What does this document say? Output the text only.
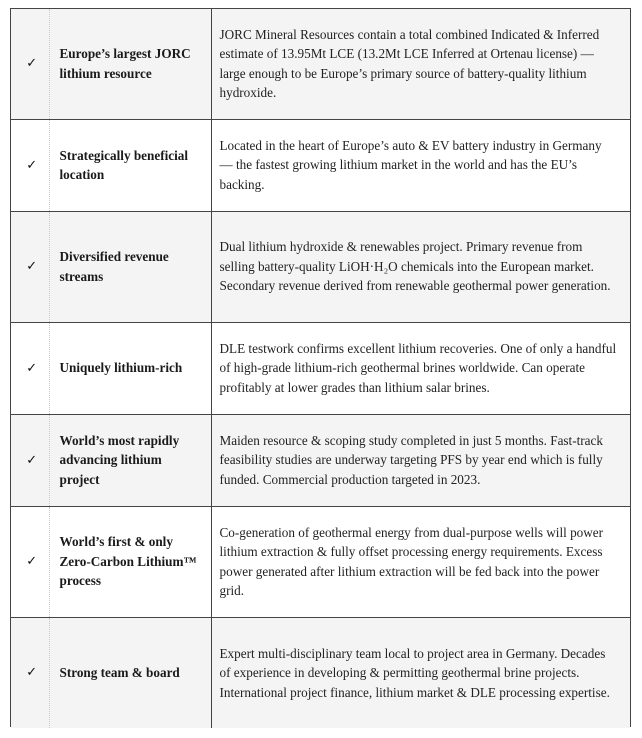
✓	Europe’s largest JORC lithium resource	JORC Mineral Resources contain a total combined Indicated & Inferred estimate of 13.95Mt LCE (13.2Mt LCE Inferred at Ortenau license) — large enough to be Europe’s primary source of battery-quality lithium hydroxide.
✓	Strategically beneficial location	Located in the heart of Europe’s auto & EV battery industry in Germany — the fastest growing lithium market in the world and has the EU’s backing.
✓	Diversified revenue streams	Dual lithium hydroxide & renewables project. Primary revenue from selling battery-quality LiOH·H₂O chemicals into the European market. Secondary revenue derived from renewable geothermal power generation.
✓	Uniquely lithium-rich	DLE testwork confirms excellent lithium recoveries. One of only a handful of high-grade lithium-rich geothermal brines worldwide. Can operate profitably at lower grades than lithium salar brines.
✓	World’s most rapidly advancing lithium project	Maiden resource & scoping study completed in just 5 months. Fast-track feasibility studies are underway targeting PFS by year end which is fully funded. Commercial production targeted in 2023.
✓	World’s first & only Zero-Carbon Lithium™ process	Co-generation of geothermal energy from dual-purpose wells will power lithium extraction & fully offset processing energy requirements. Excess power generated after lithium extraction will be fed back into the power grid.
✓	Strong team & board	Expert multi-disciplinary team local to project area in Germany. Decades of experience in developing & permitting geothermal brine projects. International project finance, lithium market & DLE processing expertise.
